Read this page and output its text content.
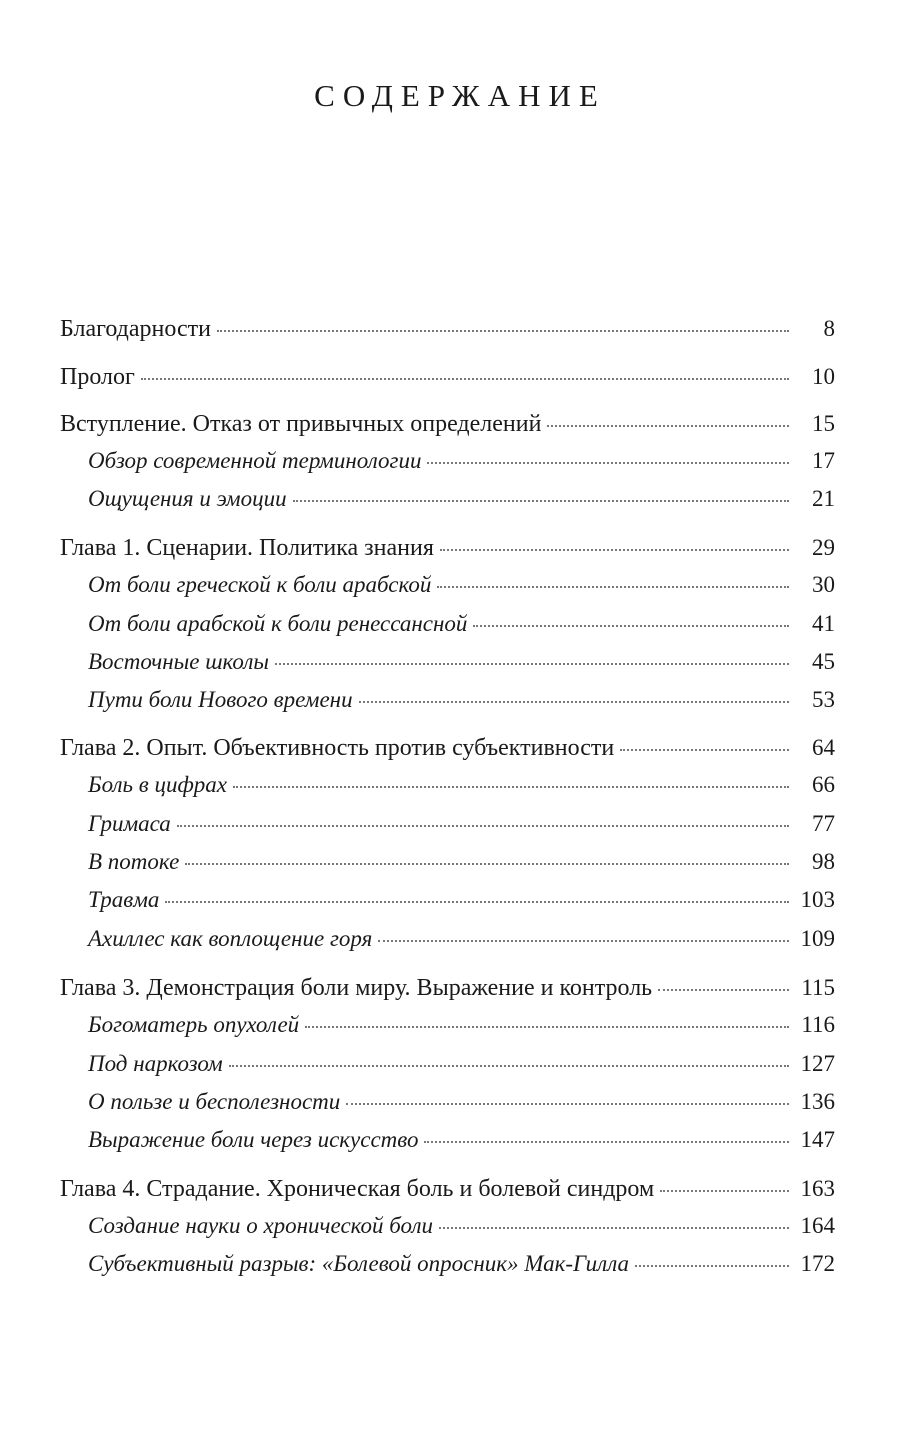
СОДЕРЖАНИЕ
Благодарности	8
Пролог	10
Вступление. Отказ от привычных определений	15
Обзор современной терминологии	17
Ощущения и эмоции	21
Глава 1. Сценарии. Политика знания	29
От боли греческой к боли арабской	30
От боли арабской к боли ренессансной	41
Восточные школы	45
Пути боли Нового времени	53
Глава 2. Опыт. Объективность против субъективности	64
Боль в цифрах	66
Гримаса	77
В потоке	98
Травма	103
Ахиллес как воплощение горя	109
Глава 3. Демонстрация боли миру. Выражение и контроль	115
Богоматерь опухолей	116
Под наркозом	127
О пользе и бесполезности	136
Выражение боли через искусство	147
Глава 4. Страдание. Хроническая боль и болевой синдром	163
Создание науки о хронической боли	164
Субъективный разрыв: «Болевой опросник» Мак-Гилла	172
